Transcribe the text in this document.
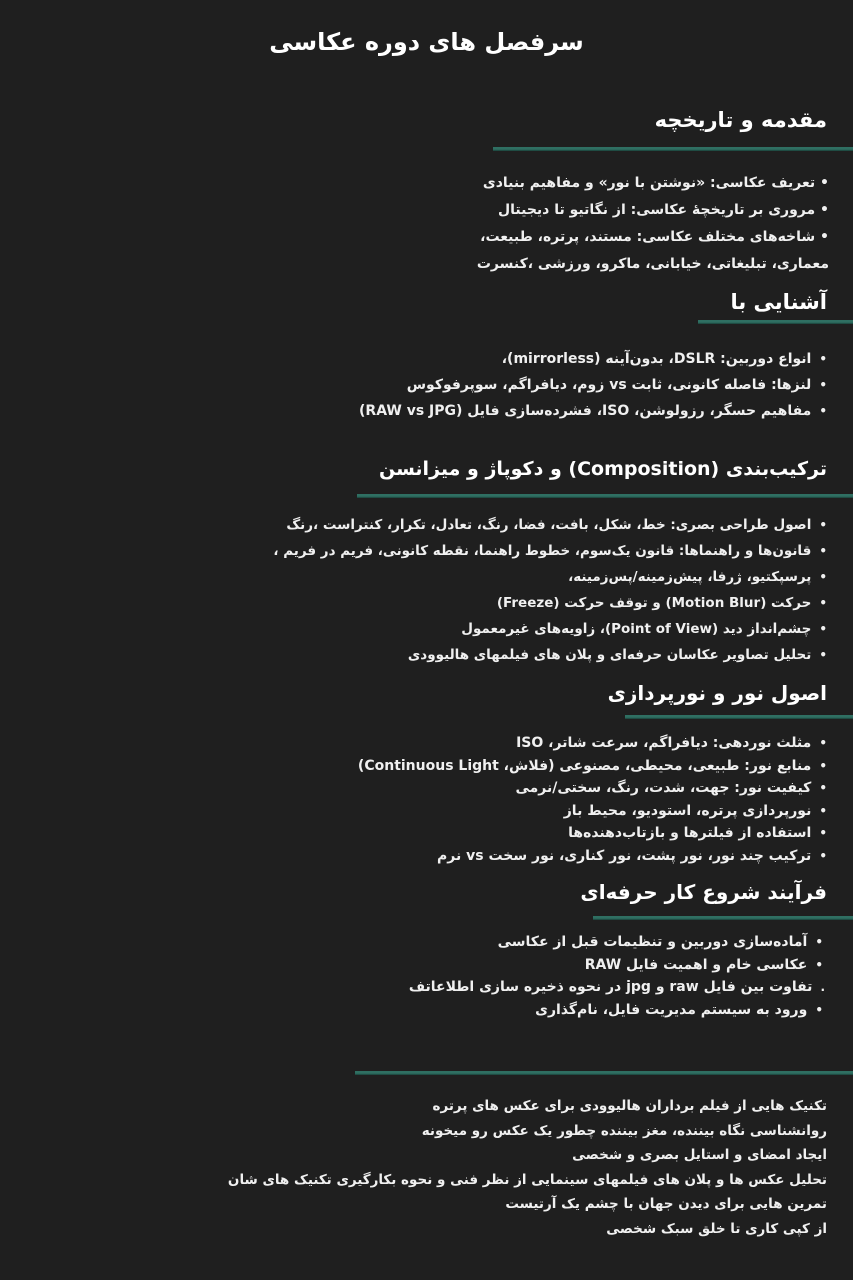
سرفصل های دوره عکاسی
مقدمه و تاریخچه
• تعریف عکاسی: «نوشتن با نور» و مفاهیم بنیادی
• مروری بر تاریخچهٔ عکاسی: از نگاتیو تا دیجیتال
• شاخه‌های مختلف عکاسی: مستند، پرتره، طبیعت،
معماری، تبلیغاتی، خیابانی، ماکرو، ورزشی ،کنسرت
آشنایی با
•انواع دوربین: DSLR، بدون‌آینه (mirrorless)،
•لنزها: فاصله کانونی، ثابت vs زوم، دیافراگم، سوپرفوکوس
•مفاهیم حسگر، رزولوشن، ISO، فشرده‌سازی فایل (RAW vs JPG)
ترکیب‌بندی (Composition) و دکوپاژ و میزانسن
•اصول طراحی بصری: خط، شکل، بافت، فضا، رنگ، تعادل، تکرار، کنتراست ،رنگ
•قانون‌ها و راهنماها: قانون یک‌سوم، خطوط راهنما، نقطه کانونی، فریم در فریم ،
•پرسپکتیو، ژرفا، پیش‌زمینه/پس‌زمینه،
•حرکت (Motion Blur) و توقف حرکت (Freeze)
•چشم‌انداز دید (Point of View)، زاویه‌های غیرمعمول
•تحلیل تصاویر عکاسان حرفه‌ای و پلان های فیلمهای هالیوودی
اصول نور و نورپردازی
•مثلث نوردهی: دیافراگم، سرعت شاتر، ISO
•منابع نور: طبیعی، محیطی، مصنوعی (فلاش، Continuous Light)
•کیفیت نور: جهت، شدت، رنگ، سختی/نرمی
•نورپردازی پرتره، استودیو، محیط باز
•استفاده از فیلترها و بازتاب‌دهنده‌ها
•ترکیب چند نور، نور پشت، نور کناری، نور سخت vs نرم
فرآیند شروع کار حرفه‌ای
•آماده‌سازی دوربین و تنظیمات قبل از عکاسی
•عکاسی خام و اهمیت فایل RAW
.تفاوت بین فایل raw و jpg در نحوه ذخیره سازی اطلاعاتف
•ورود به سیستم مدیریت فایل، نام‌گذاری
تکنیک هایی از فیلم برداران هالیوودی برای عکس های پرتره
روانشناسی نگاه بیننده، مغز بیننده چطور یک عکس رو میخونه
ایجاد امضای و استایل بصری و شخصی
تحلیل عکس ها و پلان های فیلمهای سینمایی از نظر فنی و نحوه بکارگیری تکنیک های شان
تمرین هایی برای دیدن جهان با چشم یک آرتیست
از کپی کاری تا خلق سبک شخصی
